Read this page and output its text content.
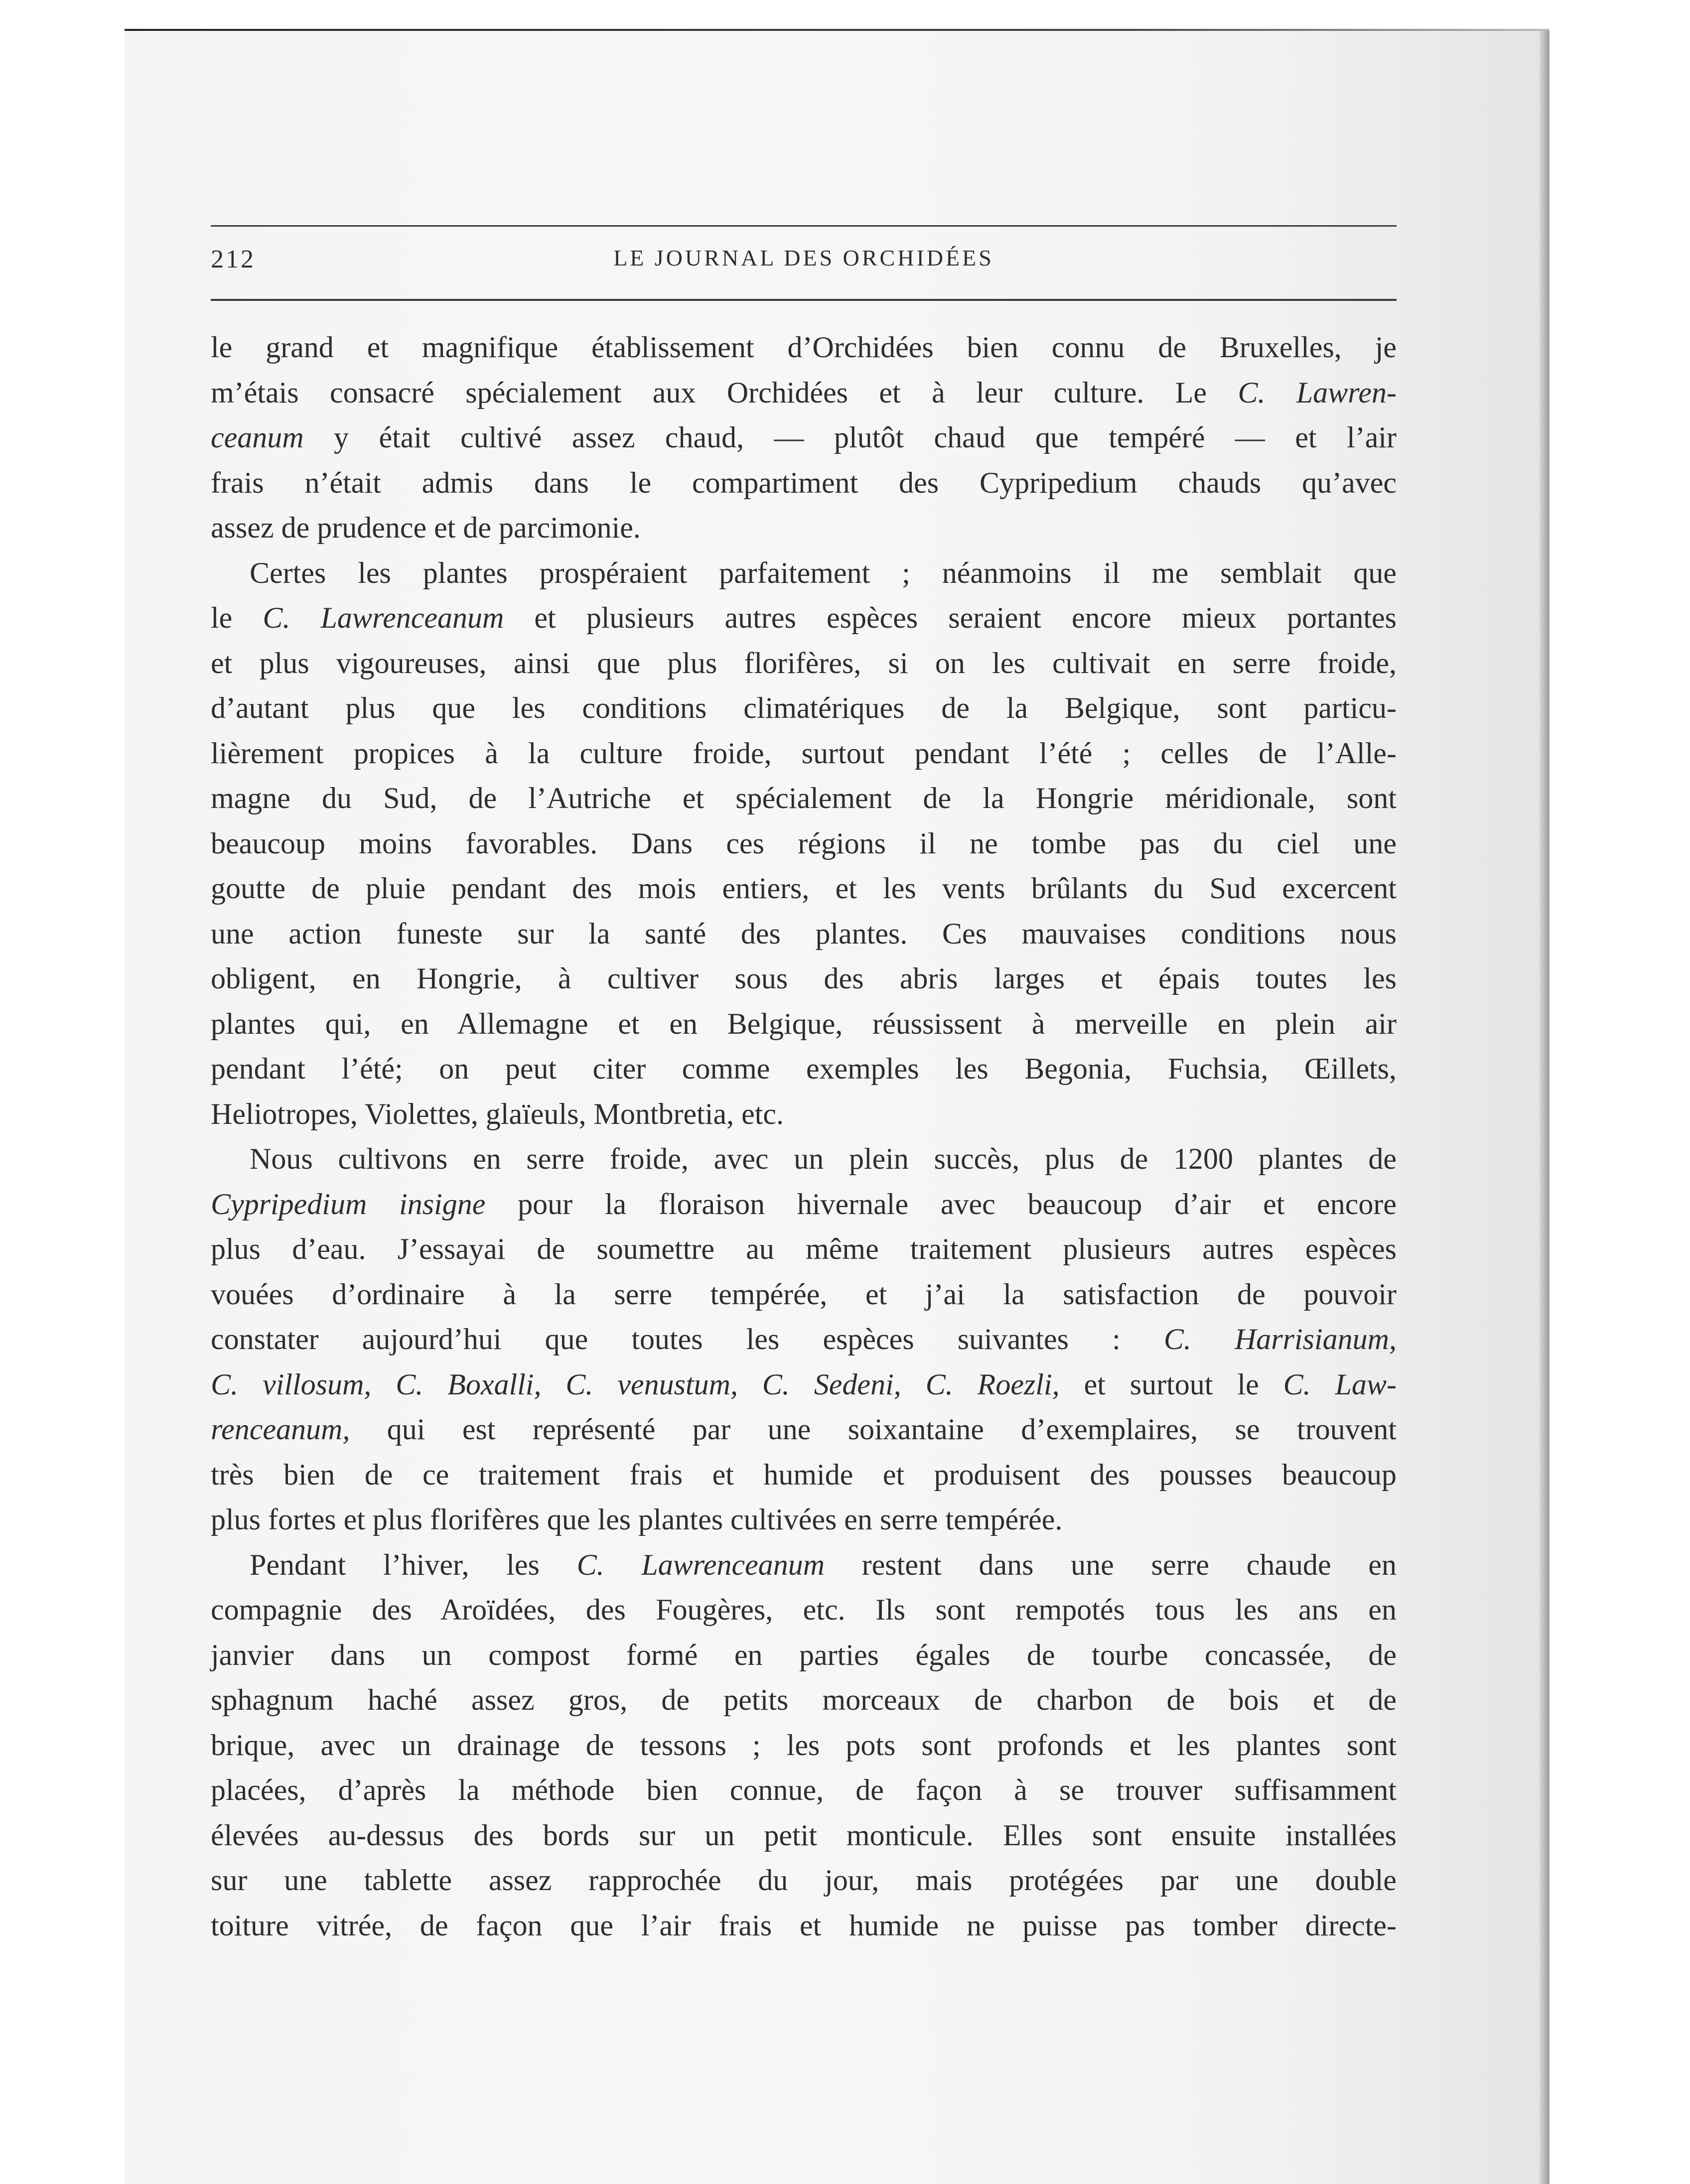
212	LE JOURNAL DES ORCHIDÉES
le grand et magnifique établissement d’Orchidées bien connu de Bruxelles, je
m’étais consacré spécialement aux Orchidées et à leur culture. Le C. Lawren-
ceanum y était cultivé assez chaud, — plutôt chaud que tempéré — et l’air
frais n’était admis dans le compartiment des Cypripedium chauds qu’avec
assez de prudence et de parcimonie.
Certes les plantes prospéraient parfaitement ; néanmoins il me semblait que
le C. Lawrenceanum et plusieurs autres espèces seraient encore mieux portantes
et plus vigoureuses, ainsi que plus florifères, si on les cultivait en serre froide,
d’autant plus que les conditions climatériques de la Belgique, sont particu-
lièrement propices à la culture froide, surtout pendant l’été ; celles de l’Alle-
magne du Sud, de l’Autriche et spécialement de la Hongrie méridionale, sont
beaucoup moins favorables. Dans ces régions il ne tombe pas du ciel une
goutte de pluie pendant des mois entiers, et les vents brûlants du Sud excercent
une action funeste sur la santé des plantes. Ces mauvaises conditions nous
obligent, en Hongrie, à cultiver sous des abris larges et épais toutes les
plantes qui, en Allemagne et en Belgique, réussissent à merveille en plein air
pendant l’été; on peut citer comme exemples les Begonia, Fuchsia, Œillets,
Heliotropes, Violettes, glaïeuls, Montbretia, etc.
Nous cultivons en serre froide, avec un plein succès, plus de 1200 plantes de
Cypripedium insigne pour la floraison hivernale avec beaucoup d’air et encore
plus d’eau. J’essayai de soumettre au même traitement plusieurs autres espèces
vouées d’ordinaire à la serre tempérée, et j’ai la satisfaction de pouvoir
constater aujourd’hui que toutes les espèces suivantes : C. Harrisianum,
C. villosum, C. Boxalli, C. venustum, C. Sedeni, C. Roezli, et surtout le C. Law-
renceanum, qui est représenté par une soixantaine d’exemplaires, se trouvent
très bien de ce traitement frais et humide et produisent des pousses beaucoup
plus fortes et plus florifères que les plantes cultivées en serre tempérée.
Pendant l’hiver, les C. Lawrenceanum restent dans une serre chaude en
compagnie des Aroïdées, des Fougères, etc. Ils sont rempotés tous les ans en
janvier dans un compost formé en parties égales de tourbe concassée, de
sphagnum haché assez gros, de petits morceaux de charbon de bois et de
brique, avec un drainage de tessons ; les pots sont profonds et les plantes sont
placées, d’après la méthode bien connue, de façon à se trouver suffisamment
élevées au-dessus des bords sur un petit monticule. Elles sont ensuite installées
sur une tablette assez rapprochée du jour, mais protégées par une double
toiture vitrée, de façon que l’air frais et humide ne puisse pas tomber directe-
